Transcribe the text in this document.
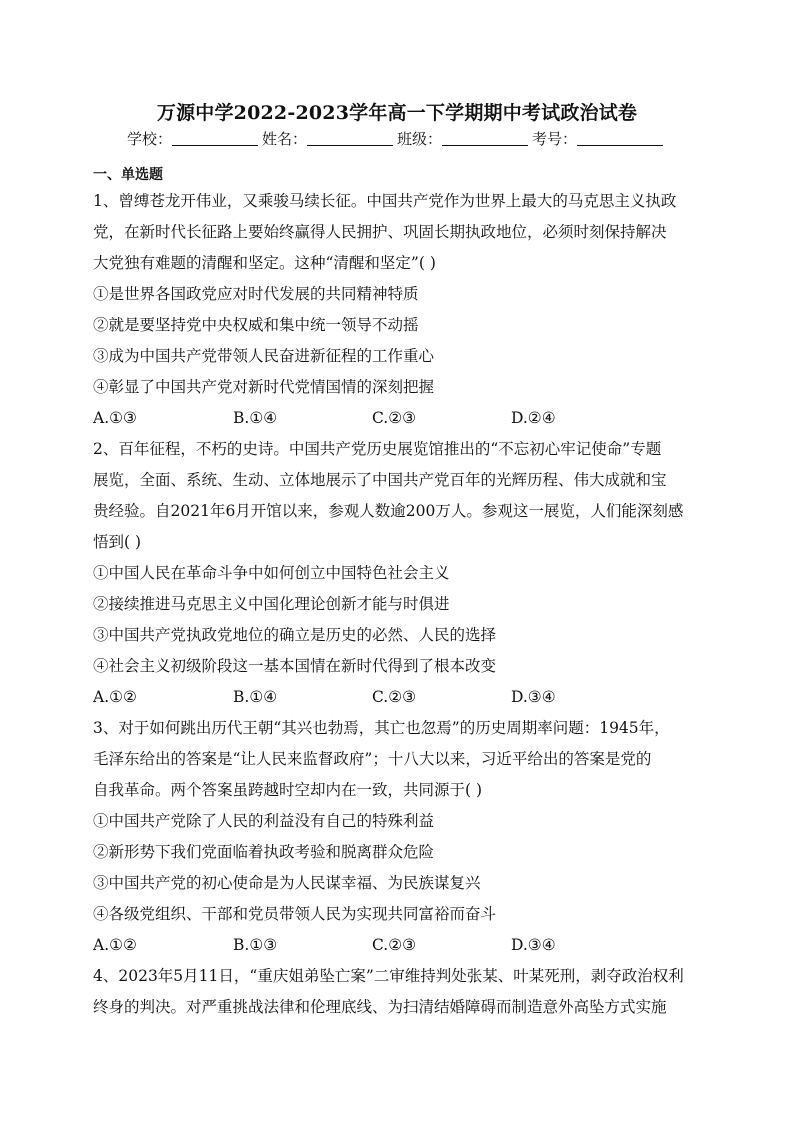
万源中学2022-2023学年高一下学期期中考试政治试卷
学校：	姓名：	班级：	考号：
一、单选题
1、曾缚苍龙开伟业，又乘骏马续长征。中国共产党作为世界上最大的马克思主义执政
党，在新时代长征路上要始终赢得人民拥护、巩固长期执政地位，必须时刻保持解决
大党独有难题的清醒和坚定。这种“清醒和坚定”( )
①是世界各国政党应对时代发展的共同精神特质
②就是要坚持党中央权威和集中统一领导不动摇
③成为中国共产党带领人民奋进新征程的工作重心
④彰显了中国共产党对新时代党情国情的深刻把握
A.①③	B.①④	C.②③	D.②④
2、百年征程，不朽的史诗。中国共产党历史展览馆推出的“不忘初心牢记使命”专题
展览，全面、系统、生动、立体地展示了中国共产党百年的光辉历程、伟大成就和宝
贵经验。自2021年6月开馆以来，参观人数逾200万人。参观这一展览，人们能深刻感
悟到( )
①中国人民在革命斗争中如何创立中国特色社会主义
②接续推进马克思主义中国化理论创新才能与时俱进
③中国共产党执政党地位的确立是历史的必然、人民的选择
④社会主义初级阶段这一基本国情在新时代得到了根本改变
A.①②	B.①④	C.②③	D.③④
3、对于如何跳出历代王朝“其兴也勃焉，其亡也忽焉”的历史周期率问题：1945年，
毛泽东给出的答案是“让人民来监督政府”；十八大以来，习近平给出的答案是党的
自我革命。两个答案虽跨越时空却内在一致，共同源于( )
①中国共产党除了人民的利益没有自己的特殊利益
②新形势下我们党面临着执政考验和脱离群众危险
③中国共产党的初心使命是为人民谋幸福、为民族谋复兴
④各级党组织、干部和党员带领人民为实现共同富裕而奋斗
A.①②	B.①③	C.②③	D.③④
4、2023年5月11日，“重庆姐弟坠亡案”二审维持判处张某、叶某死刑，剥夺政治权利
终身的判决。对严重挑战法律和伦理底线、为扫清结婚障碍而制造意外高坠方式实施
